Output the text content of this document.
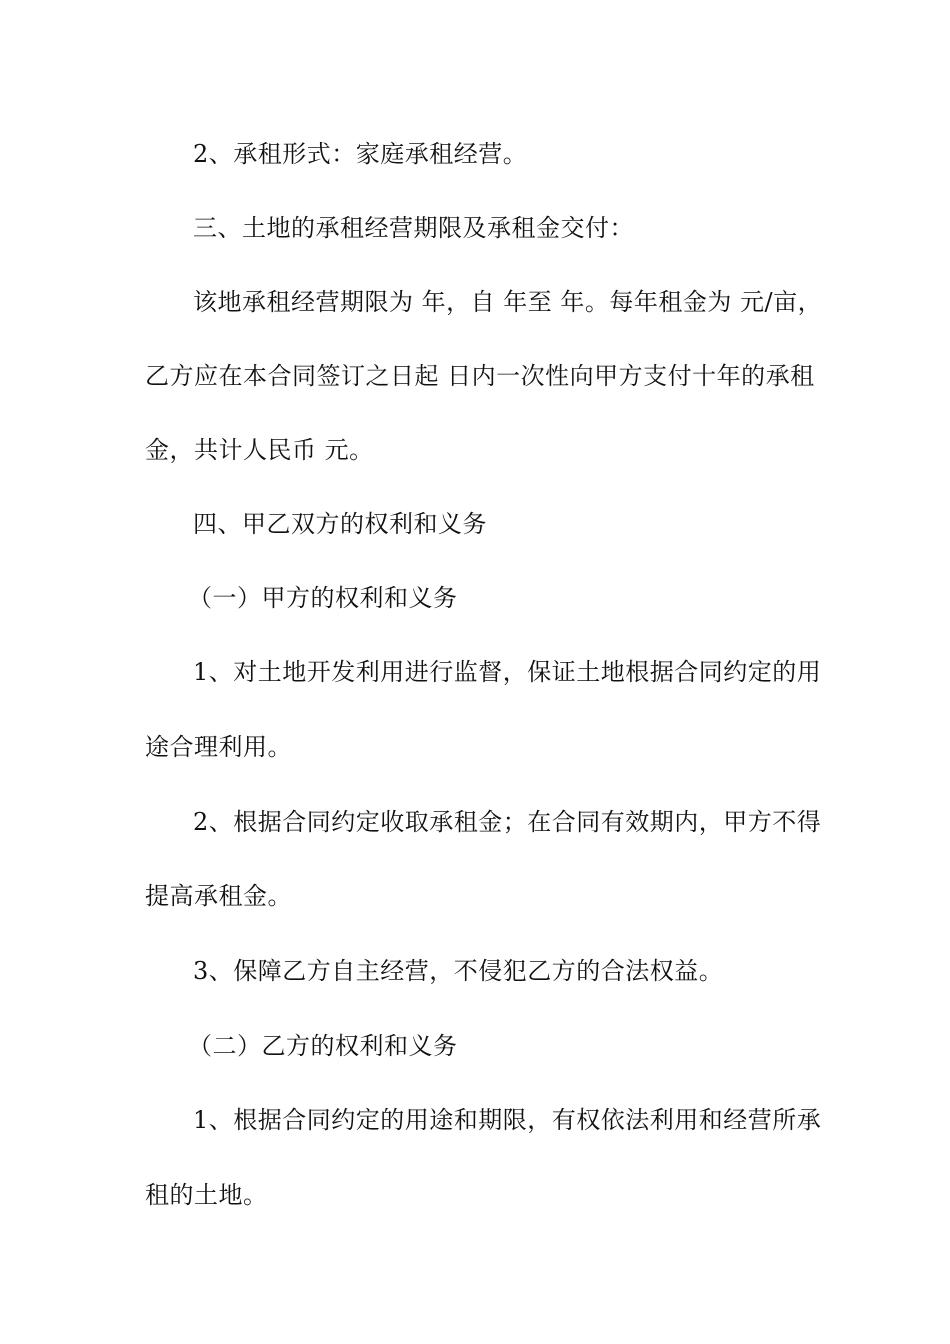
2、承租形式：家庭承租经营。
三、土地的承租经营期限及承租金交付：
该地承租经营期限为 年，自 年至 年。每年租金为 元/亩，
乙方应在本合同签订之日起 日内一次性向甲方支付十年的承租
金，共计人民币 元。
四、甲乙双方的权利和义务
（一）甲方的权利和义务
1、对土地开发利用进行监督，保证土地根据合同约定的用
途合理利用。
2、根据合同约定收取承租金；在合同有效期内，甲方不得
提高承租金。
3、保障乙方自主经营，不侵犯乙方的合法权益。
（二）乙方的权利和义务
1、根据合同约定的用途和期限，有权依法利用和经营所承
租的土地。
